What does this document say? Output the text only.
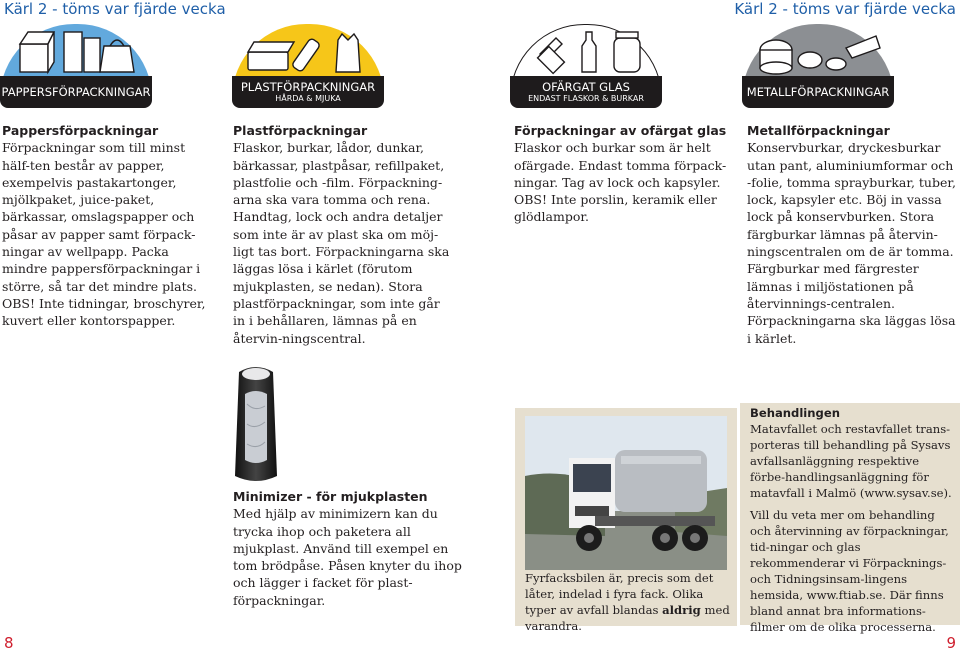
Kärl 2 - töms var fjärde vecka	Kärl 2 - töms var fjärde vecka
PAPPERSFÖRPACKNINGAR	PLASTFÖRPACKNINGAR
HÅRDA & MJUKA
OFÄRGAT GLAS
ENDAST FLASKOR & BURKAR	METALLFÖRPACKNINGAR
Pappersförpackningar

Förpackningar som till minst hälf-ten består av papper, exempelvis pastakartonger, mjölkpaket, juice-paket, bärkassar, omslagspapper och påsar av papper samt förpack-ningar av wellpapp. Packa mindre pappersförpackningar i större, så tar det mindre plats. OBS! Inte tidningar, broschyrer, kuvert eller kontorspapper.

Plastförpackningar

Flaskor, burkar, lådor, dunkar, bärkassar, plastpåsar, refillpaket, plastfolie och -film. Förpackning-arna ska vara tomma och rena. Handtag, lock och andra detaljer som inte är av plast ska om möj-ligt tas bort. Förpackningarna ska läggas lösa i kärlet (förutom mjukplasten, se nedan). Stora plastförpackningar, som inte går in i behållaren, lämnas på en återvin-ningscentral.

Förpackningar av ofärgat glas

Flaskor och burkar som är helt ofärgade. Endast tomma förpack-ningar. Tag av lock och kapsyler. OBS! Inte porslin, keramik eller glödlampor.

Metallförpackningar

Konservburkar, dryckesburkar utan pant, aluminiumformar och -folie, tomma sprayburkar, tuber, lock, kapsyler etc. Böj in vassa lock på konservburken. Stora färgburkar lämnas på återvin-ningscentralen om de är tomma. Färgburkar med färgrester lämnas i miljöstationen på återvinnings-centralen. Förpackningarna ska läggas lösa i kärlet.

Minimizer - för mjukplasten

Med hjälp av minimizern kan du trycka ihop och paketera all mjukplast. Använd till exempel en tom brödpåse. Påsen knyter du ihop och lägger i facket för plast-förpackningar.

Fyrfacksbilen är, precis som det låter, indelad i fyra fack. Olika typer av avfall blandas aldrig med varandra.
Behandlingen

Matavfallet och restavfallet trans-porteras till behandling på Sysavs avfallsanläggning respektive förbe-handlingsanläggning för matavfall i Malmö (www.sysav.se).

Vill du veta mer om behandling och återvinning av förpackningar, tid-ningar och glas rekommenderar vi Förpacknings- och Tidningsinsam-lingens hemsida, www.ftiab.se. Där finns bland annat bra informations-filmer om de olika processerna.

8	9
